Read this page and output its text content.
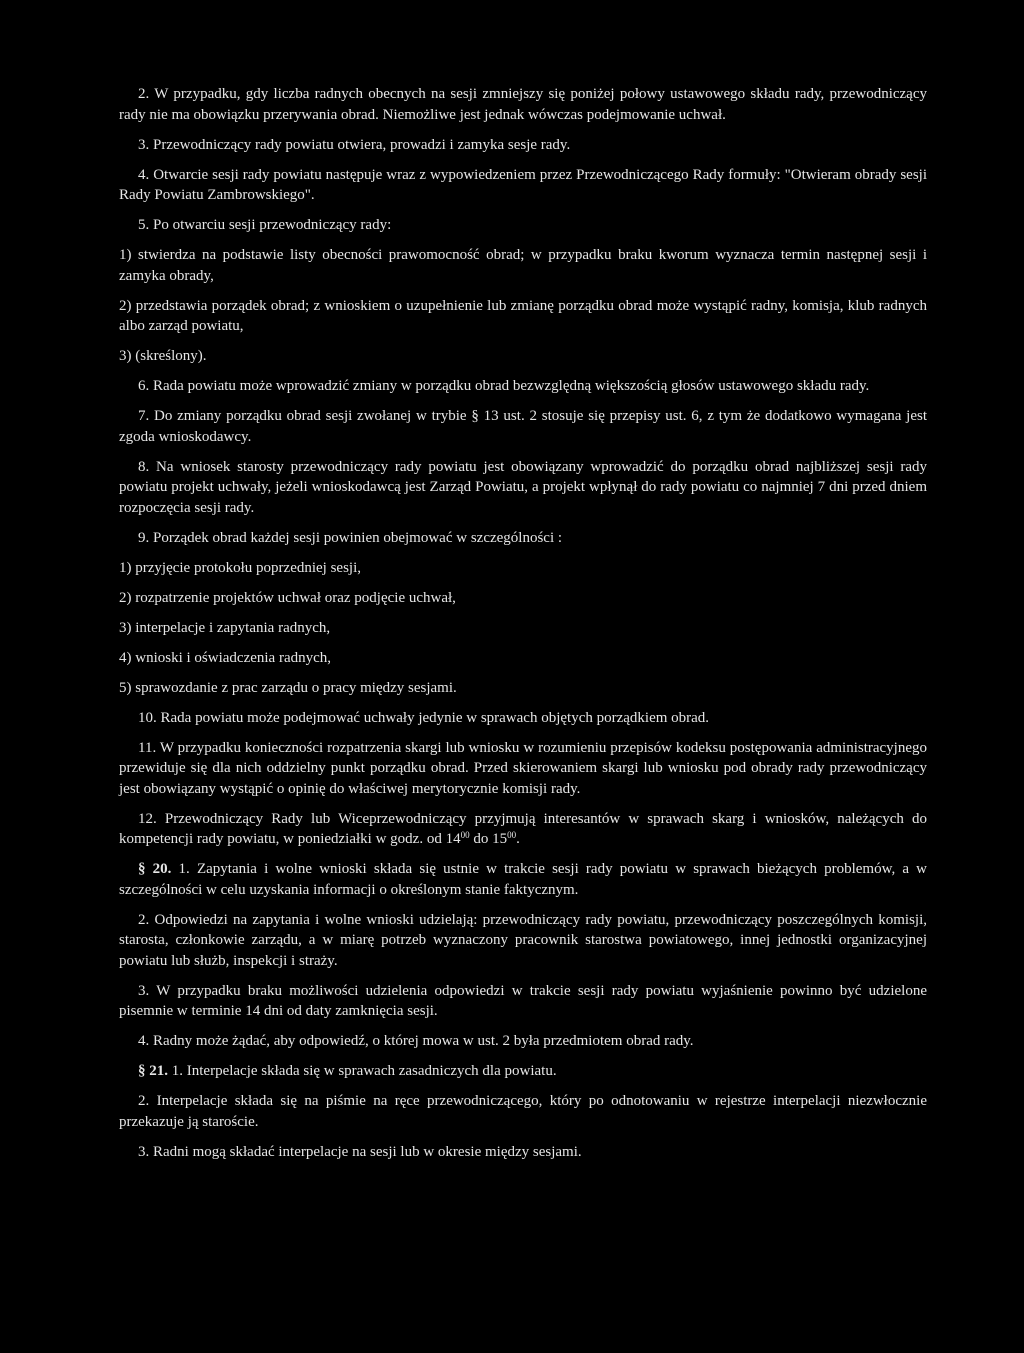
2. W przypadku, gdy liczba radnych obecnych na sesji zmniejszy się poniżej połowy ustawowego składu rady, przewodniczący rady nie ma obowiązku przerywania obrad. Niemożliwe jest jednak wówczas podejmowanie uchwał.

3. Przewodniczący rady powiatu otwiera, prowadzi i zamyka sesje rady.

4. Otwarcie sesji rady powiatu następuje wraz z wypowiedzeniem przez Przewodniczącego Rady formuły: "Otwieram obrady sesji Rady Powiatu Zambrowskiego".

5. Po otwarciu sesji przewodniczący rady:

1) stwierdza na podstawie listy obecności prawomocność obrad; w przypadku braku kworum wyznacza termin następnej sesji i zamyka obrady,

2) przedstawia porządek obrad; z wnioskiem o uzupełnienie lub zmianę porządku obrad może wystąpić radny, komisja, klub radnych albo zarząd powiatu,

3) (skreślony).

6. Rada powiatu może wprowadzić zmiany w porządku obrad bezwzględną większością głosów ustawowego składu rady.

7. Do zmiany porządku obrad sesji zwołanej w trybie § 13 ust. 2 stosuje się przepisy ust. 6, z tym że dodatkowo wymagana jest zgoda wnioskodawcy.

8. Na wniosek starosty przewodniczący rady powiatu jest obowiązany wprowadzić do porządku obrad najbliższej sesji rady powiatu projekt uchwały, jeżeli wnioskodawcą jest Zarząd Powiatu, a projekt wpłynął do rady powiatu co najmniej 7 dni przed dniem rozpoczęcia sesji rady.

9. Porządek obrad każdej sesji powinien obejmować w szczególności :

1) przyjęcie protokołu poprzedniej sesji,

2) rozpatrzenie projektów uchwał oraz podjęcie uchwał,

3) interpelacje i zapytania radnych,

4) wnioski i oświadczenia radnych,

5) sprawozdanie z prac zarządu o pracy między sesjami.

10. Rada powiatu może podejmować uchwały jedynie w sprawach objętych porządkiem obrad.

11. W przypadku konieczności rozpatrzenia skargi lub wniosku w rozumieniu przepisów kodeksu postępowania administracyjnego przewiduje się dla nich oddzielny punkt porządku obrad. Przed skierowaniem skargi lub wniosku pod obrady rady przewodniczący jest obowiązany wystąpić o opinię do właściwej merytorycznie komisji rady.

12. Przewodniczący Rady lub Wiceprzewodniczący przyjmują interesantów w sprawach skarg i wniosków, należących do kompetencji rady powiatu, w poniedziałki w godz. od $14^{00}$ do $15^{00}$.

§ 20. 1. Zapytania i wolne wnioski składa się ustnie w trakcie sesji rady powiatu w sprawach bieżących problemów, a w szczególności w celu uzyskania informacji o określonym stanie faktycznym.

2. Odpowiedzi na zapytania i wolne wnioski udzielają: przewodniczący rady powiatu, przewodniczący poszczególnych komisji, starosta, członkowie zarządu, a w miarę potrzeb wyznaczony pracownik starostwa powiatowego, innej jednostki organizacyjnej powiatu lub służb, inspekcji i straży.

3. W przypadku braku możliwości udzielenia odpowiedzi w trakcie sesji rady powiatu wyjaśnienie powinno być udzielone pisemnie w terminie 14 dni od daty zamknięcia sesji.

4. Radny może żądać, aby odpowiedź, o której mowa w ust. 2 była przedmiotem obrad rady.

§ 21. 1. Interpelacje składa się w sprawach zasadniczych dla powiatu.

2. Interpelacje składa się na piśmie na ręce przewodniczącego, który po odnotowaniu w rejestrze interpelacji niezwłocznie przekazuje ją staroście.

3. Radni mogą składać interpelacje na sesji lub w okresie między sesjami.
